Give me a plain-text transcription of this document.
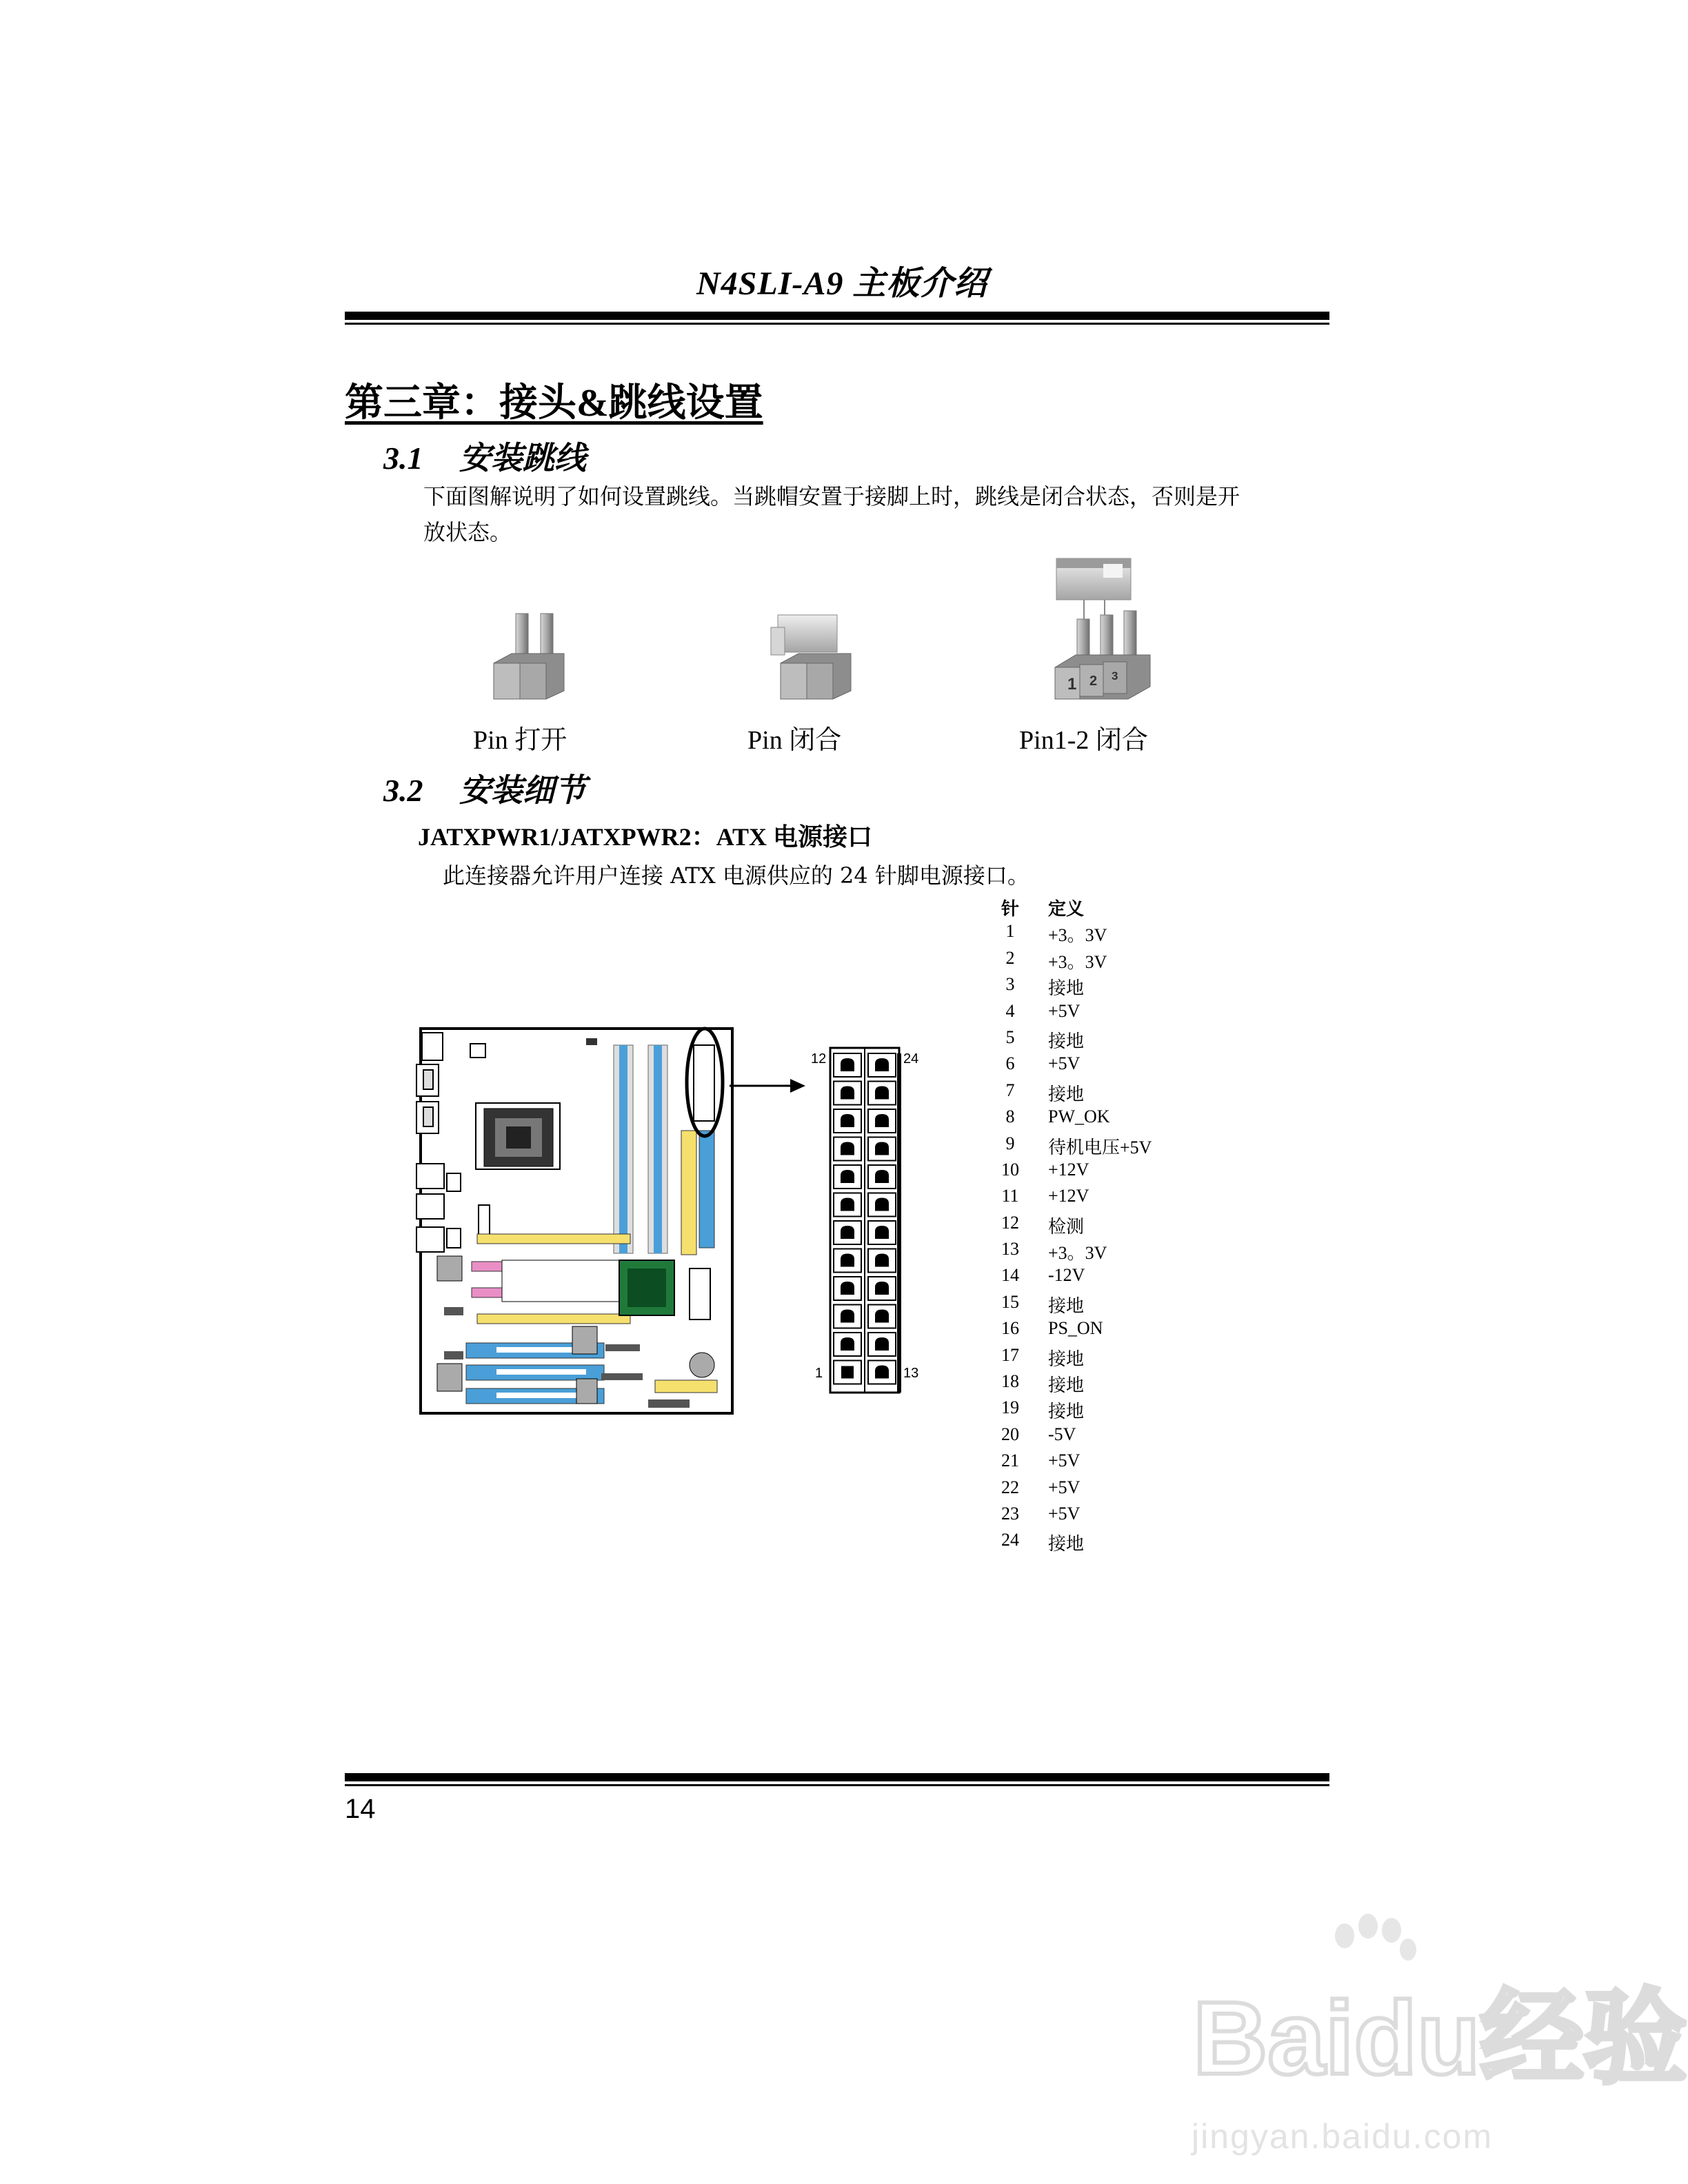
N4SLI-A9 主板介绍
第三章：接头&跳线设置
3.1 安装跳线
下面图解说明了如何设置跳线。当跳帽安置于接脚上时，跳线是闭合状态，否则是开
放状态。
1 2 3
Pin 打开	Pin 闭合	Pin1-2 闭合
3.2 安装细节
JATXPWR1/JATXPWR2：ATX 电源接口
此连接器允许用户连接 ATX 电源供应的 24 针脚电源接口。
12	24
1	13
针	定义
1	+3。3V
2	+3。3V
3	接地
4	+5V
5	接地
6	+5V
7	接地
8	PW_OK
9	待机电压+5V
10	+12V
11	+12V
12	检测
13	+3。3V
14	-12V
15	接地
16	PS_ON
17	接地
18	接地
19	接地
20	-5V
21	+5V
22	+5V
23	+5V
24	接地
14
Baidu经验
jingyan.baidu.com
